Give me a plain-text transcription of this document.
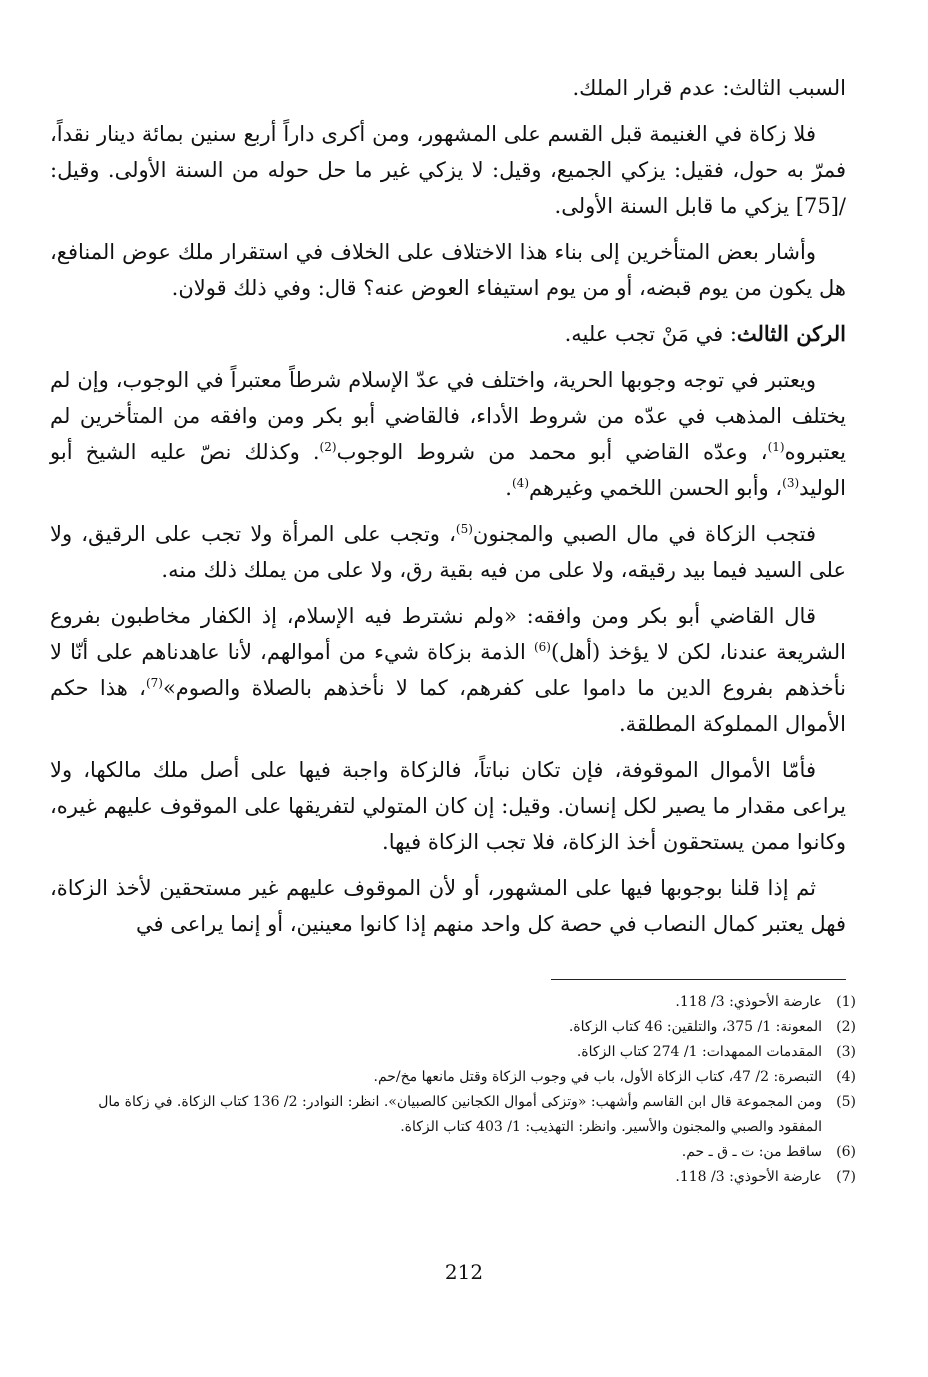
السبب الثالث: عدم قرار الملك.

فلا زكاة في الغنيمة قبل القسم على المشهور، ومن أكرى داراً أربع سنين بمائة دينار نقداً، فمرّ به حول، فقيل: يزكي الجميع، وقيل: لا يزكي غير ما حل حوله من السنة الأولى. وقيل: /[75] يزكي ما قابل السنة الأولى.

وأشار بعض المتأخرين إلى بناء هذا الاختلاف على الخلاف في استقرار ملك عوض المنافع، هل يكون من يوم قبضه، أو من يوم استيفاء العوض عنه؟ قال: وفي ذلك قولان.

الركن الثالث: في مَنْ تجب عليه.

ويعتبر في توجه وجوبها الحرية، واختلف في عدّ الإسلام شرطاً معتبراً في الوجوب، وإن لم يختلف المذهب في عدّه من شروط الأداء، فالقاضي أبو بكر ومن وافقه من المتأخرين لم يعتبروه$^{(1)}$، وعدّه القاضي أبو محمد من شروط الوجوب$^{(2)}$. وكذلك نصّ عليه الشيخ أبو الوليد$^{(3)}$، وأبو الحسن اللخمي وغيرهم$^{(4)}$.

فتجب الزكاة في مال الصبي والمجنون$^{(5)}$، وتجب على المرأة ولا تجب على الرقيق، ولا على السيد فيما بيد رقيقه، ولا على من فيه بقية رق، ولا على من يملك ذلك منه.

قال القاضي أبو بكر ومن وافقه: «ولم نشترط فيه الإسلام، إذ الكفار مخاطبون بفروع الشريعة عندنا، لكن لا يؤخذ (أهل)$^{(6)}$ الذمة بزكاة شيء من أموالهم، لأنا عاهدناهم على أنّا لا نأخذهم بفروع الدين ما داموا على كفرهم، كما لا نأخذهم بالصلاة والصوم»$^{(7)}$، هذا حكم الأموال المملوكة المطلقة.

فأمّا الأموال الموقوفة، فإن تكان نباتاً، فالزكاة واجبة فيها على أصل ملك مالكها، ولا يراعى مقدار ما يصير لكل إنسان. وقيل: إن كان المتولي لتفريقها على الموقوف عليهم غيره، وكانوا ممن يستحقون أخذ الزكاة، فلا تجب الزكاة فيها.

ثم إذا قلنا بوجوبها فيها على المشهور، أو لأن الموقوف عليهم غير مستحقين لأخذ الزكاة، فهل يعتبر كمال النصاب في حصة كل واحد منهم إذا كانوا معينين، أو إنما يراعى في

(1)
عارضة الأحوذي: 3/ 118.
(2)
المعونة: 1/ 375، والتلقين: 46 كتاب الزكاة.
(3)
المقدمات الممهدات: 1/ 274 كتاب الزكاة.
(4)
التبصرة: 2/ 47، كتاب الزكاة الأول، باب في وجوب الزكاة وقتل مانعها مخ/حم.
(5)
ومن المجموعة قال ابن القاسم وأشهب: «وتزكى أموال الكجانين كالصبيان». انظر: النوادر: 2/ 136 كتاب الزكاة. في زكاة مال المفقود والصبي والمجنون والأسير. وانظر: التهذيب: 1/ 403 كتاب الزكاة.
(6)
ساقط من: ت ـ ق ـ حم.
(7)
عارضة الأحوذي: 3/ 118.
212
